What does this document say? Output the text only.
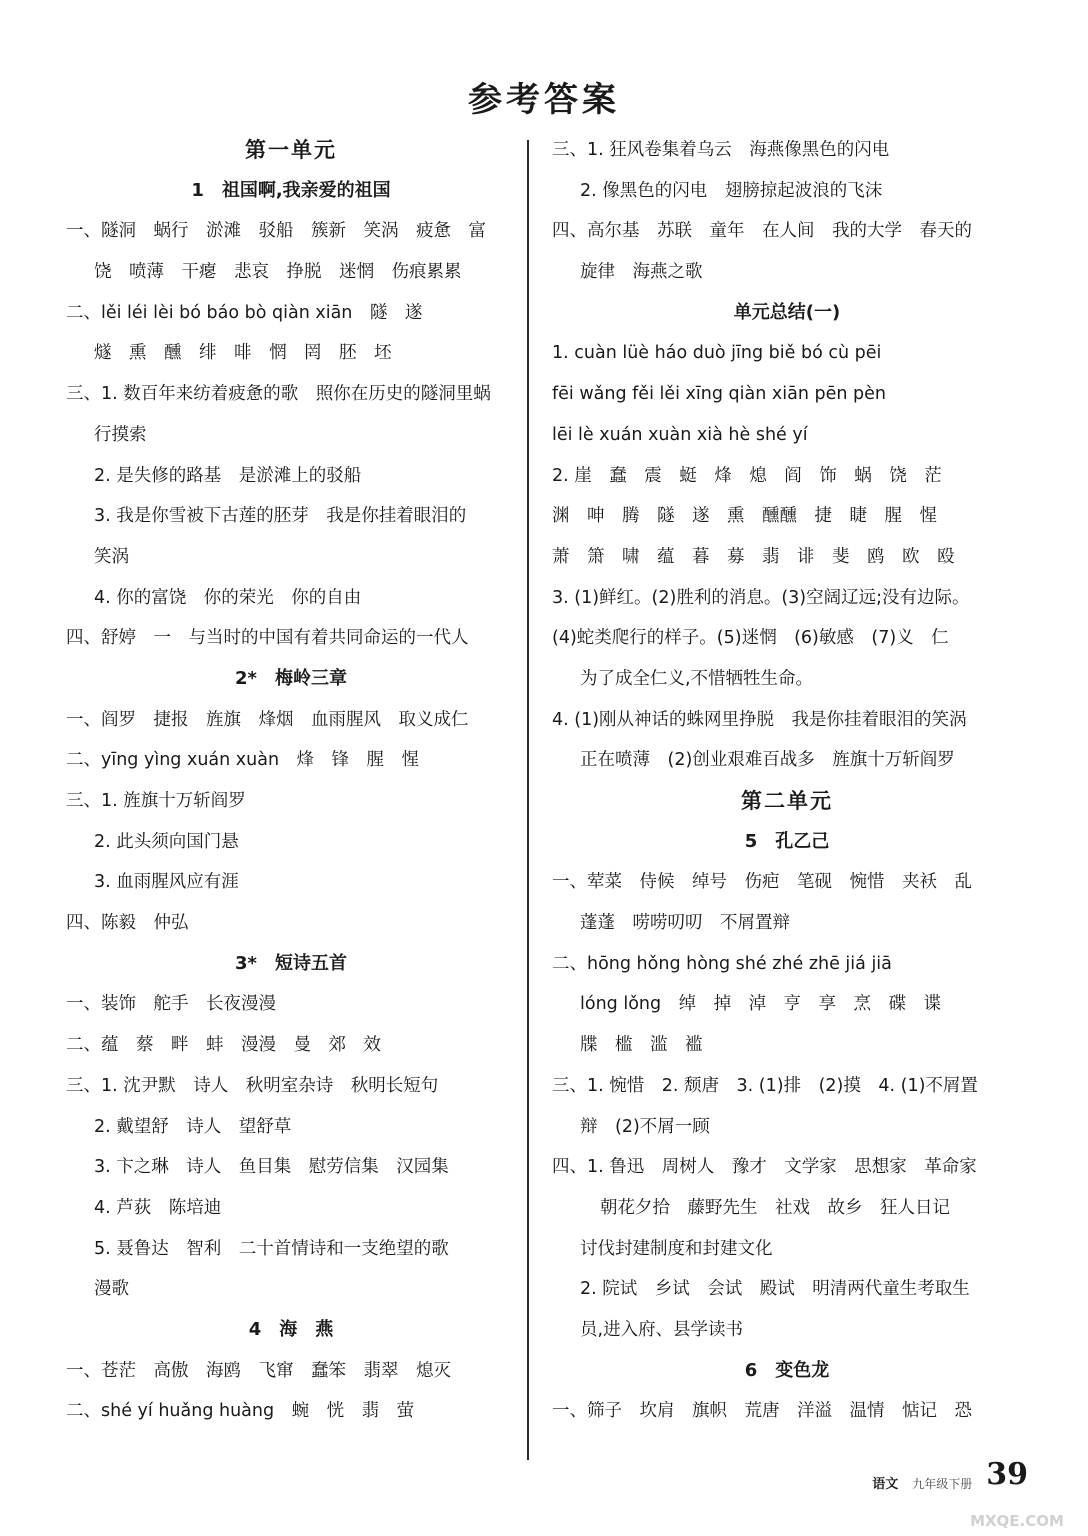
参考答案
第一单元
1　祖国啊,我亲爱的祖国
一、隧洞　蜗行　淤滩　驳船　簇新　笑涡　疲惫　富
饶　喷薄　干瘪　悲哀　挣脱　迷惘　伤痕累累
二、lěi léi lèi bó báo bò qiàn xiān　隧　遂
燧　熏　醺　绯　啡　惘　罔　胚　坯
三、1. 数百年来纺着疲惫的歌　照你在历史的隧洞里蜗
行摸索
2. 是失修的路基　是淤滩上的驳船
3. 我是你雪被下古莲的胚芽　我是你挂着眼泪的
笑涡
4. 你的富饶　你的荣光　你的自由
四、舒婷　一　与当时的中国有着共同命运的一代人
2*　梅岭三章
一、阎罗　捷报　旌旗　烽烟　血雨腥风　取义成仁
二、yīng yìng xuán xuàn　烽　锋　腥　惺
三、1. 旌旗十万斩阎罗
2. 此头须向国门悬
3. 血雨腥风应有涯
四、陈毅　仲弘
3*　短诗五首
一、装饰　舵手　长夜漫漫
二、蕴　蔡　畔　蚌　漫漫　曼　郊　效
三、1. 沈尹默　诗人　秋明室杂诗　秋明长短句
2. 戴望舒　诗人　望舒草
3. 卞之琳　诗人　鱼目集　慰劳信集　汉园集
4. 芦荻　陈培迪
5. 聂鲁达　智利　二十首情诗和一支绝望的歌
漫歌
4　海　燕
一、苍茫　高傲　海鸥　飞窜　蠢笨　翡翠　熄灭
二、shé yí huǎng huàng　蜿　恍　翡　萤
三、1. 狂风卷集着乌云　海燕像黑色的闪电
2. 像黑色的闪电　翅膀掠起波浪的飞沫
四、高尔基　苏联　童年　在人间　我的大学　春天的
旋律　海燕之歌
单元总结(一)
1. cuàn lüè háo duò jīng biě bó cù pēi
fēi wǎng fěi lěi xīng qiàn xiān pēn pèn
lēi lè xuán xuàn xià hè shé yí
2. 崖　蠢　震　蜓　烽　熄　阎　饰　蜗　饶　茫
渊　呻　腾　隧　遂　熏　醺醺　捷　睫　腥　惺
萧　箫　啸　蕴　暮　募　翡　诽　斐　鸥　欧　殴
3. (1)鲜红。(2)胜利的消息。(3)空阔辽远;没有边际。
(4)蛇类爬行的样子。(5)迷惘　(6)敏感　(7)义　仁
为了成全仁义,不惜牺牲生命。
4. (1)刚从神话的蛛网里挣脱　我是你挂着眼泪的笑涡
正在喷薄　(2)创业艰难百战多　旌旗十万斩阎罗
第二单元
5　孔乙己
一、荤菜　侍候　绰号　伤疤　笔砚　惋惜　夹袄　乱
蓬蓬　唠唠叨叨　不屑置辩
二、hōng hǒng hòng shé zhé zhē jiá jiā
lóng lǒng　绰　掉　淖　亨　享　烹　碟　谍
牒　槛　滥　褴
三、1. 惋惜　2. 颓唐　3. (1)排　(2)摸　4. (1)不屑置
辩　(2)不屑一顾
四、1. 鲁迅　周树人　豫才　文学家　思想家　革命家
朝花夕拾　藤野先生　社戏　故乡　狂人日记
讨伐封建制度和封建文化
2. 院试　乡试　会试　殿试　明清两代童生考取生
员,进入府、县学读书
6　变色龙
一、筛子　坎肩　旗帜　荒唐　洋溢　温情　惦记　恐
语文 九年级下册 39
MXQE.COM
